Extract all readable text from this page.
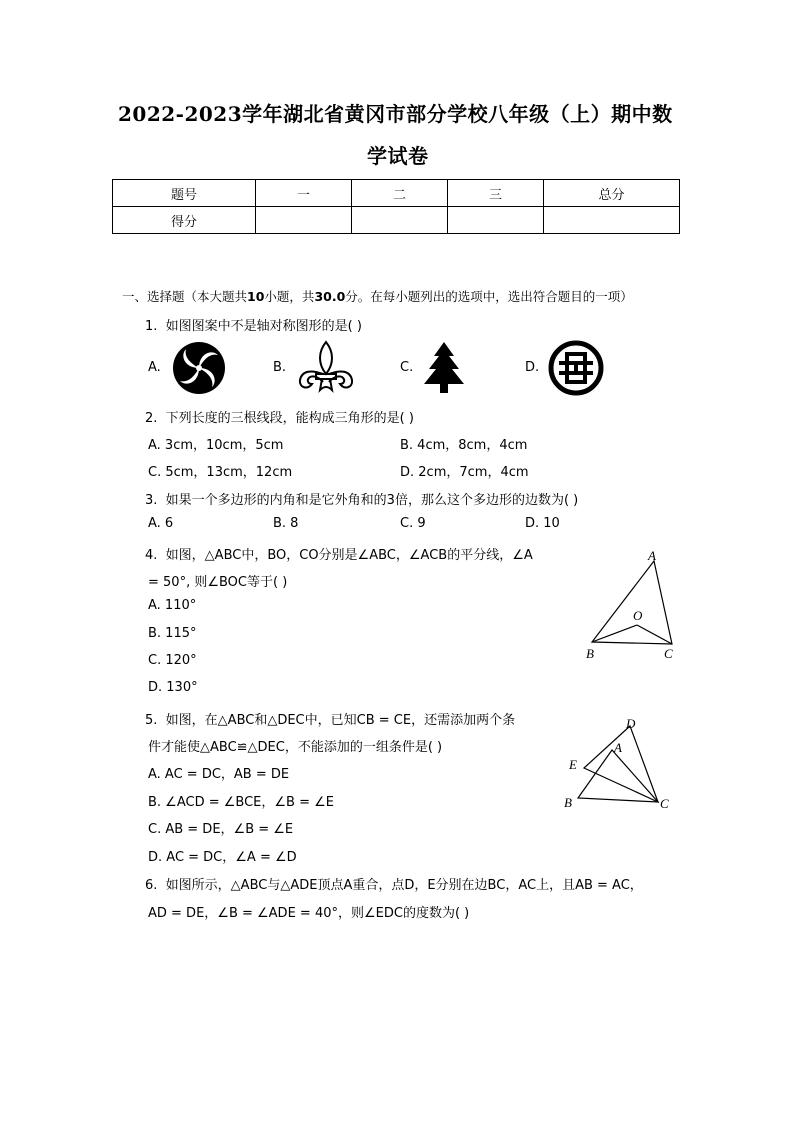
2022-2023学年湖北省黄冈市部分学校八年级（上）期中数
学试卷
题号	一	二	三	总分
得分				
一、选择题（本大题共10小题，共30.0分。在每小题列出的选项中，选出符合题目的一项）
1. 如图图案中不是轴对称图形的是( )
A.	B.	C.	D.
2. 下列长度的三根线段，能构成三角形的是( )
A. 3cm，10cm，5cm	B. 4cm，8cm，4cm
C. 5cm，13cm，12cm	D. 2cm，7cm，4cm
3. 如果一个多边形的内角和是它外角和的3倍，那么这个多边形的边数为( )
A. 6	B. 8	C. 9	D. 10
4. 如图，△ABC中，BO，CO分别是∠ABC，∠ACB的平分线，∠A
= 50°, 则∠BOC等于( )
A. 110°
B. 115°
C. 120°
D. 130°
A
B	C
O
5. 如图，在△ABC和△DEC中，已知CB = CE，还需添加两个条
件才能使△ABC≌△DEC，不能添加的一组条件是( )
A. AC = DC，AB = DE
B. ∠ACD = ∠BCE，∠B = ∠E
C. AB = DE，∠B = ∠E
D. AC = DC，∠A = ∠D
D
A
E
B	C
6. 如图所示，△ABC与△ADE顶点A重合，点D，E分别在边BC，AC上，且AB = AC，
AD = DE，∠B = ∠ADE = 40°，则∠EDC的度数为( )
